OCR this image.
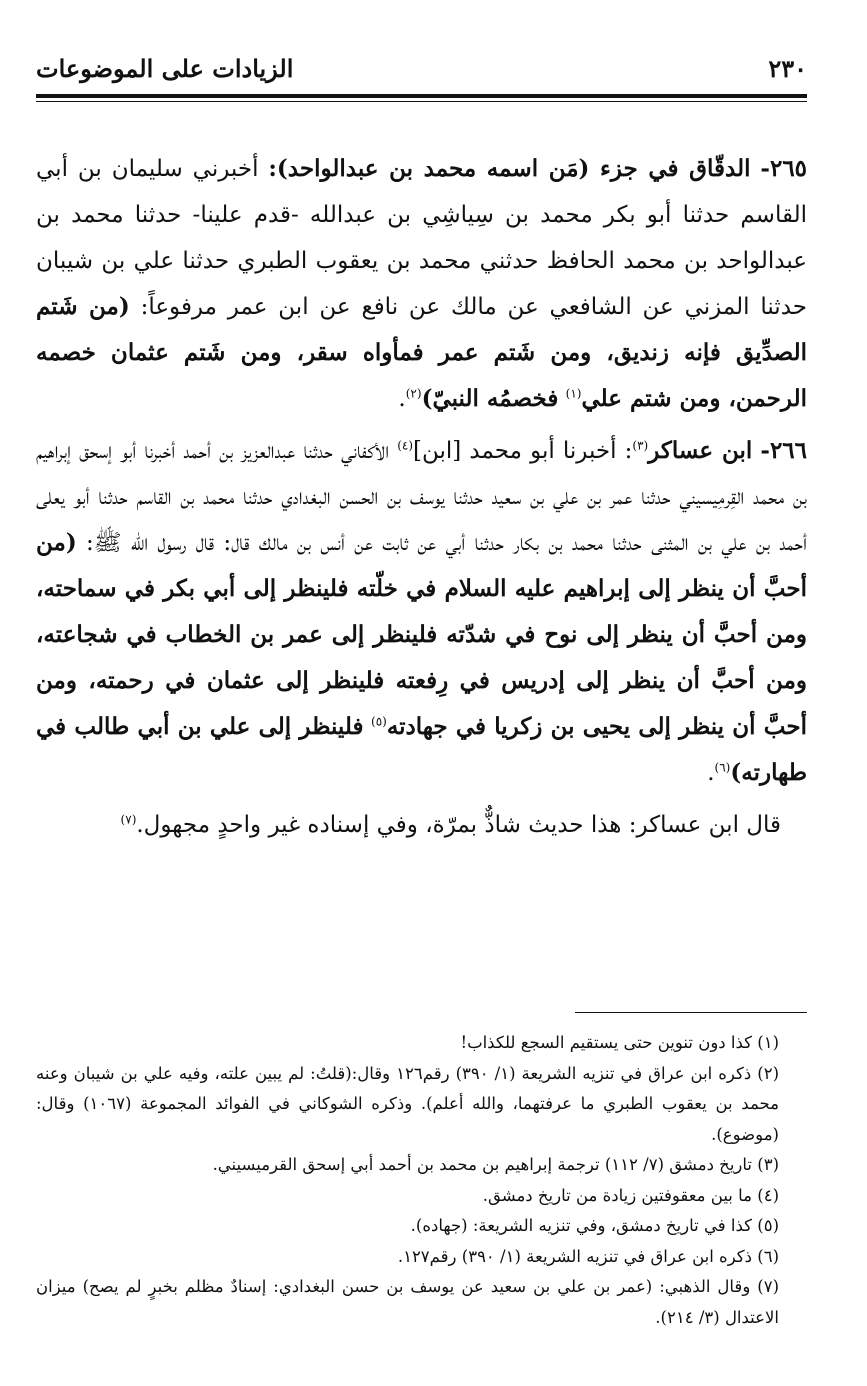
٢٣٠
الزيادات على الموضوعات

٢٦٥- الدقّاق في جزء (مَن اسمه محمد بن عبدالواحد): أخبرني سليمان بن أبي القاسم حدثنا أبو بكر محمد بن سِياشِي بن عبدالله -قدم علينا- حدثنا محمد بن عبدالواحد بن محمد الحافظ حدثني محمد بن يعقوب الطبري حدثنا علي بن شيبان حدثنا المزني عن الشافعي عن مالك عن نافع عن ابن عمر مرفوعاً: (من شَتم الصدِّيق فإنه زنديق، ومن شَتم عمر فمأواه سقر، ومن شَتم عثمان خصمه الرحمن، ومن شتم علي$^{(١)}$ فخصمُه النبيّ)$^{(٢)}$.

٢٦٦- ابن عساكر$^{(٣)}$: أخبرنا أبو محمد [ابن]$^{(٤)}$ الأكفاني حدثنا عبدالعزيز بن أحمد أخبرنا أبو إسحق إبراهيم بن محمد القِرمِيسيني حدثنا عمر بن علي بن سعيد حدثنا يوسف بن الحسن البغدادي حدثنا محمد بن القاسم حدثنا أبو يعلى أحمد بن علي بن المثنى حدثنا محمد بن بكار حدثنا أبي عن ثابت عن أنس بن مالك قال: قال رسول الله ﷺ: (من أحبَّ أن ينظر إلى إبراهيم عليه السلام في خلّته فلينظر إلى أبي بكر في سماحته، ومن أحبَّ أن ينظر إلى نوح في شدّته فلينظر إلى عمر بن الخطاب في شجاعته، ومن أحبَّ أن ينظر إلى إدريس في رِفعته فلينظر إلى عثمان في رحمته، ومن أحبَّ أن ينظر إلى يحيى بن زكريا في جهادته$^{(٥)}$ فلينظر إلى علي بن أبي طالب في طهارته)$^{(٦)}$.

قال ابن عساكر: هذا حديث شاذٌّ بمرّة، وفي إسناده غير واحدٍ مجهول.$^{(٧)}$

(١) كذا دون تنوين حتى يستقيم السجع للكذاب!

(٢) ذكره ابن عراق في تنزيه الشريعة (١/ ٣٩٠) رقم١٢٦ وقال:(قلتُ: لم يبين علته، وفيه علي بن شيبان وعنه محمد بن يعقوب الطبري ما عرفتهما، والله أعلم). وذكره الشوكاني في الفوائد المجموعة (١٠٦٧) وقال: (موضوع).

(٣) تاريخ دمشق (٧/ ١١٢) ترجمة إبراهيم بن محمد بن أحمد أبي إسحق القرميسيني.

(٤) ما بين معقوفتين زيادة من تاريخ دمشق.

(٥) كذا في تاريخ دمشق، وفي تنزيه الشريعة: (جهاده).

(٦) ذكره ابن عراق في تنزيه الشريعة (١/ ٣٩٠) رقم١٢٧.

(٧) وقال الذهبي: (عمر بن علي بن سعيد عن يوسف بن حسن البغدادي: إسنادٌ مظلم بخبرٍ لم يصح) ميزان الاعتدال (٣/ ٢١٤).
